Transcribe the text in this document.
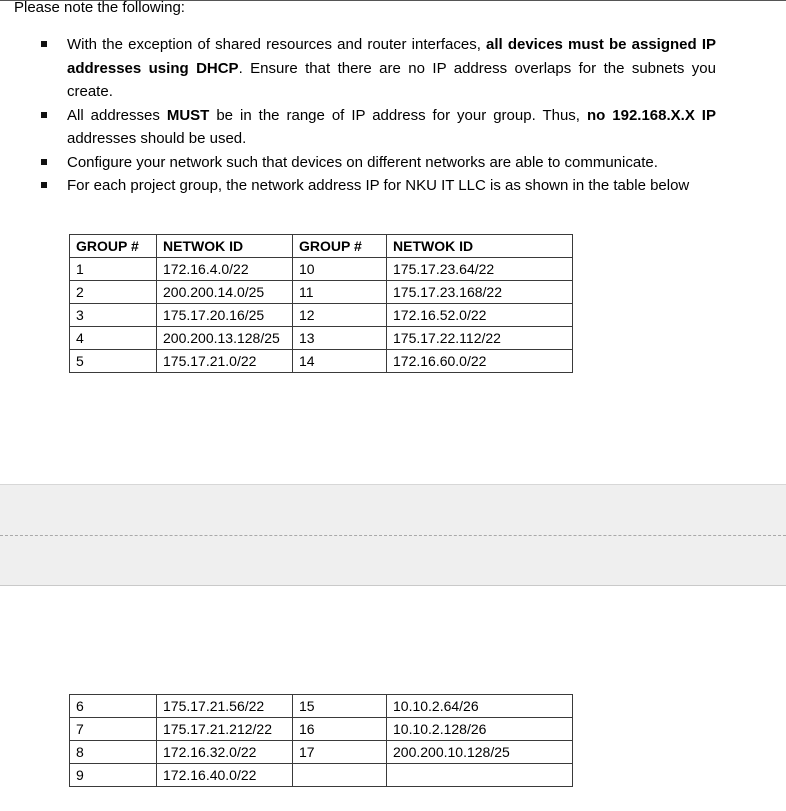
Please note the following:
With the exception of shared resources and router interfaces, all devices must be assigned IP addresses using DHCP. Ensure that there are no IP address overlaps for the subnets you create.
All addresses MUST be in the range of IP address for your group. Thus, no 192.168.X.X IP addresses should be used.
Configure your network such that devices on different networks are able to communicate.
For each project group, the network address IP for NKU IT LLC is as shown in the table below
GROUP #	NETWOK ID	GROUP #	NETWOK ID
1	172.16.4.0/22	10	175.17.23.64/22
2	200.200.14.0/25	11	175.17.23.168/22
3	175.17.20.16/25	12	172.16.52.0/22
4	200.200.13.128/25	13	175.17.22.112/22
5	175.17.21.0/22	14	172.16.60.0/22
6	175.17.21.56/22	15	10.10.2.64/26
7	175.17.21.212/22	16	10.10.2.128/26
8	172.16.32.0/22	17	200.200.10.128/25
9	172.16.40.0/22		
